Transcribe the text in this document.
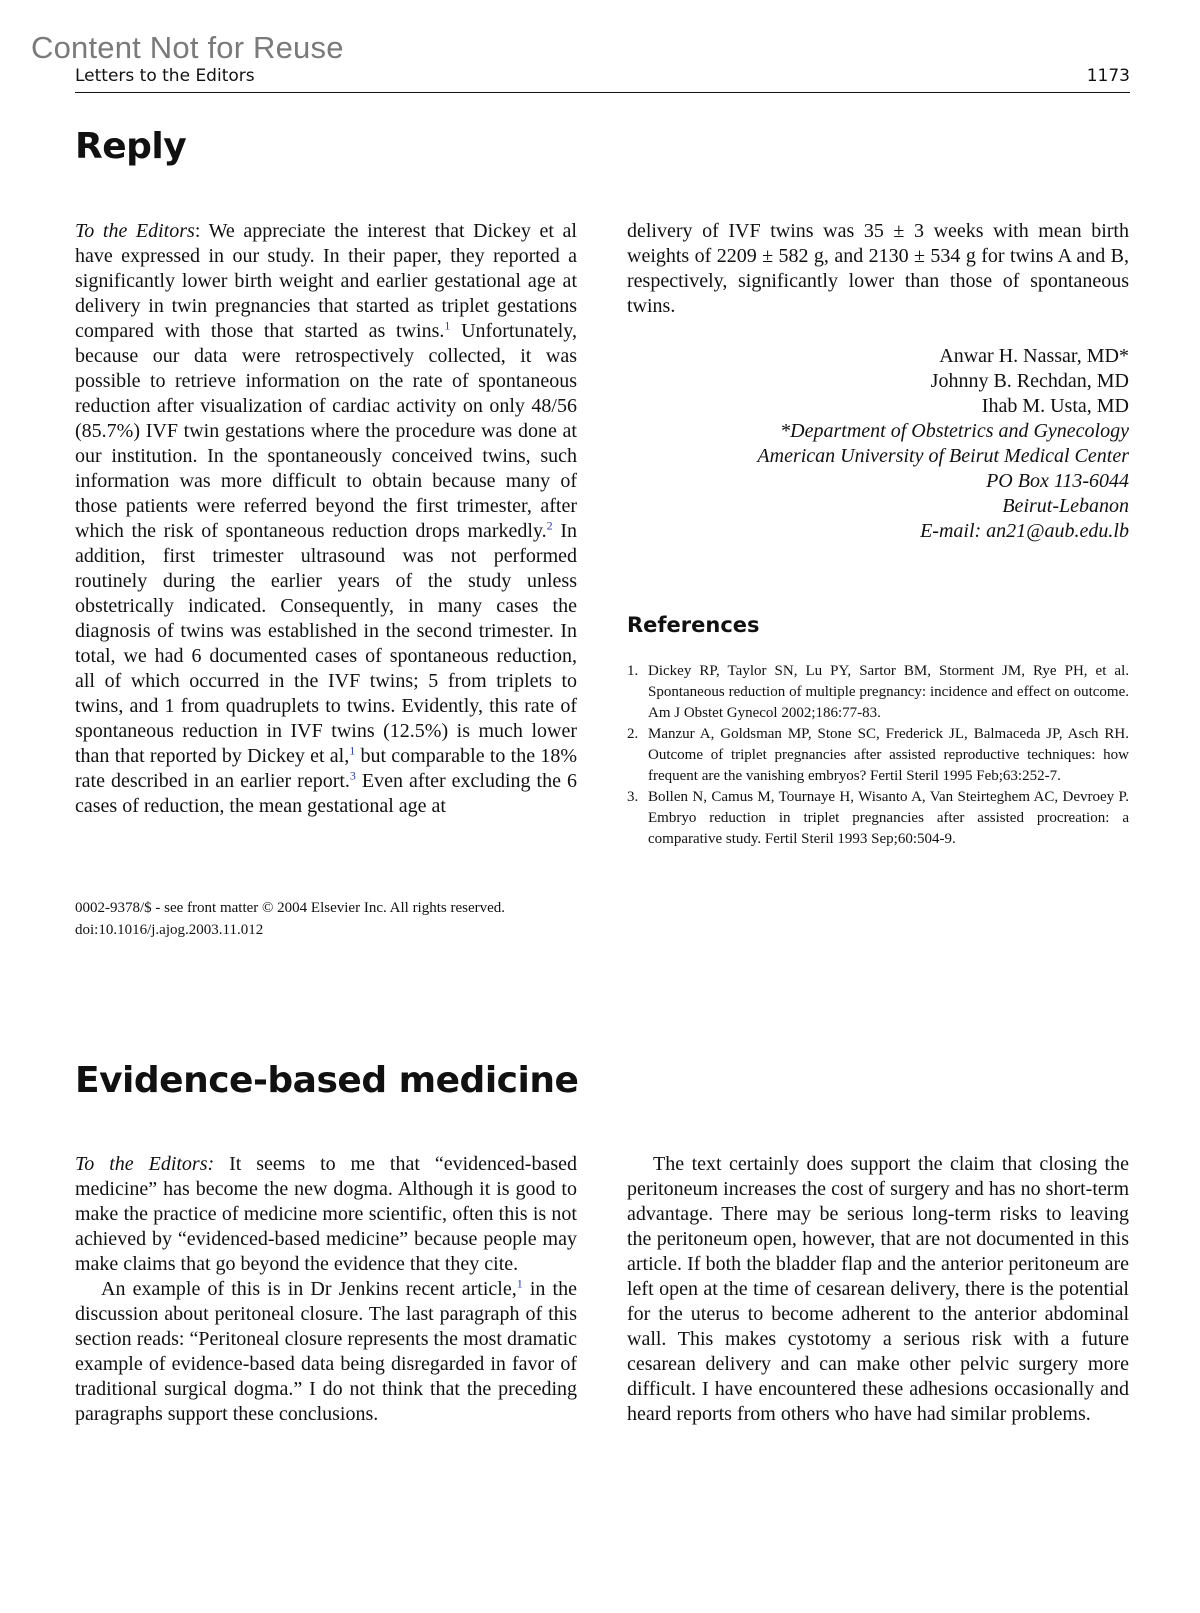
Content Not for Reuse
Letters to the Editors	1173
Reply

To the Editors: We appreciate the interest that Dickey et al have expressed in our study. In their paper, they reported a significantly lower birth weight and earlier gestational age at delivery in twin pregnancies that started as triplet gestations compared with those that started as twins.$^1$ Unfortunately, because our data were retrospectively collected, it was possible to retrieve information on the rate of spontaneous reduction after visualization of cardiac activity on only 48/56 (85.7%) IVF twin gestations where the procedure was done at our institution. In the spontaneously conceived twins, such information was more difficult to obtain because many of those patients were referred beyond the first trimester, after which the risk of spontaneous reduction drops markedly.$^2$ In addition, first trimester ultrasound was not performed routinely during the earlier years of the study unless obstetrically indicated. Consequently, in many cases the diagnosis of twins was established in the second trimester. In total, we had 6 documented cases of spontaneous reduction, all of which occurred in the IVF twins; 5 from triplets to twins, and 1 from quadruplets to twins. Evidently, this rate of spontaneous reduction in IVF twins (12.5%) is much lower than that reported by Dickey et al,$^1$ but comparable to the 18% rate described in an earlier report.$^3$ Even after excluding the 6 cases of reduction, the mean gestational age at

delivery of IVF twins was 35 ± 3 weeks with mean birth weights of 2209 ± 582 g, and 2130 ± 534 g for twins A and B, respectively, significantly lower than those of spontaneous twins.

Anwar H. Nassar, MD*
Johnny B. Rechdan, MD
Ihab M. Usta, MD
*Department of Obstetrics and Gynecology
American University of Beirut Medical Center
PO Box 113-6044
Beirut-Lebanon
E-mail: an21@aub.edu.lb
References
1. Dickey RP, Taylor SN, Lu PY, Sartor BM, Storment JM, Rye PH, et al. Spontaneous reduction of multiple pregnancy: incidence and effect on outcome. Am J Obstet Gynecol 2002;186:77-83.
2. Manzur A, Goldsman MP, Stone SC, Frederick JL, Balmaceda JP, Asch RH. Outcome of triplet pregnancies after assisted reproductive techniques: how frequent are the vanishing embryos? Fertil Steril 1995 Feb;63:252-7.
3. Bollen N, Camus M, Tournaye H, Wisanto A, Van Steirteghem AC, Devroey P. Embryo reduction in triplet pregnancies after assisted procreation: a comparative study. Fertil Steril 1993 Sep;60:504-9.
0002-9378/$ - see front matter © 2004 Elsevier Inc. All rights reserved.
doi:10.1016/j.ajog.2003.11.012
Evidence-based medicine

To the Editors: It seems to me that “evidenced-based medicine” has become the new dogma. Although it is good to make the practice of medicine more scientific, often this is not achieved by “evidenced-based medicine” because people may make claims that go beyond the evidence that they cite.

An example of this is in Dr Jenkins recent article,$^1$ in the discussion about peritoneal closure. The last paragraph of this section reads: “Peritoneal closure represents the most dramatic example of evidence-based data being disregarded in favor of traditional surgical dogma.” I do not think that the preceding paragraphs support these conclusions.

The text certainly does support the claim that closing the peritoneum increases the cost of surgery and has no short-term advantage. There may be serious long-term risks to leaving the peritoneum open, however, that are not documented in this article. If both the bladder flap and the anterior peritoneum are left open at the time of cesarean delivery, there is the potential for the uterus to become adherent to the anterior abdominal wall. This makes cystotomy a serious risk with a future cesarean delivery and can make other pelvic surgery more difficult. I have encountered these adhesions occasionally and heard reports from others who have had similar problems.
